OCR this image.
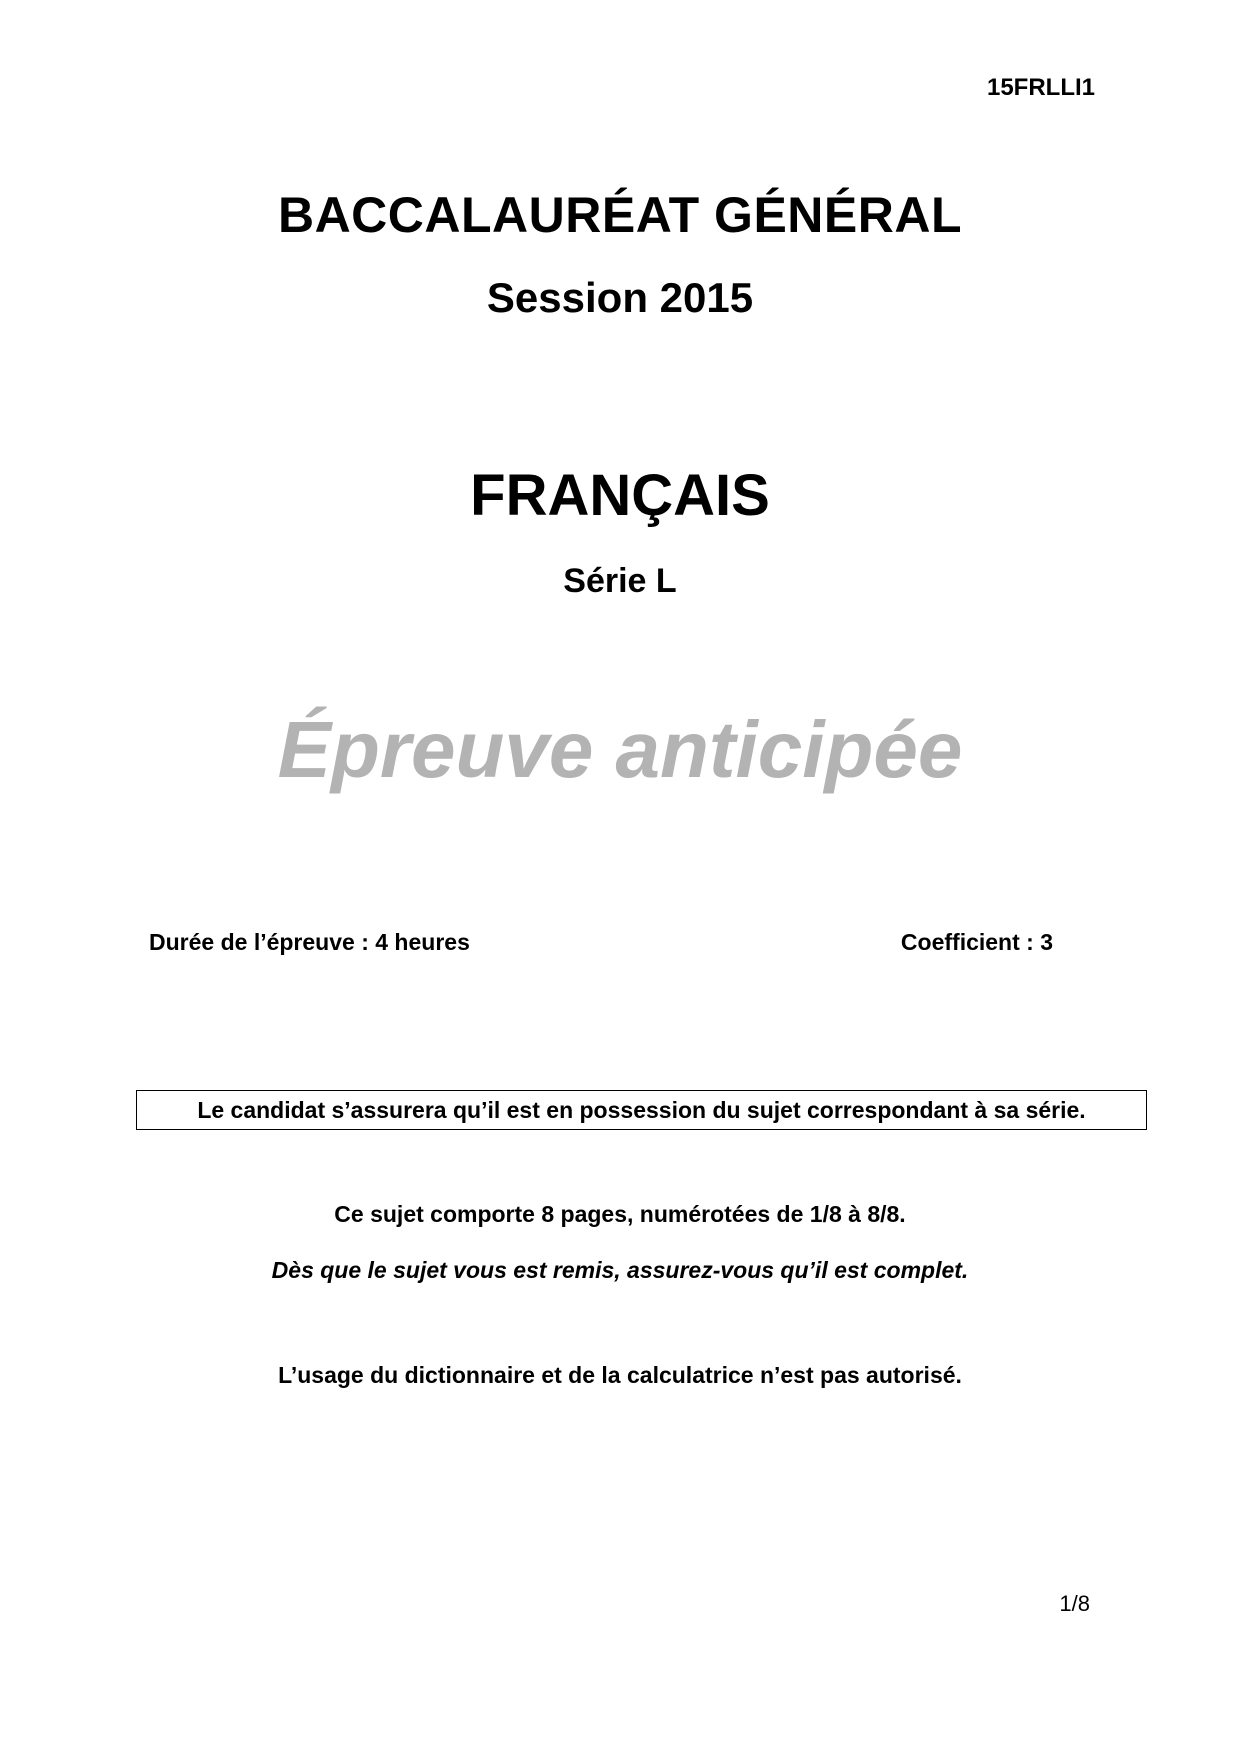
15FRLLI1
BACCALAURÉAT GÉNÉRAL
Session 2015
FRANÇAIS
Série L
Épreuve anticipée
Durée de l’épreuve : 4 heures	Coefficient : 3
Le candidat s’assurera qu’il est en possession du sujet correspondant à sa série.
Ce sujet comporte 8 pages, numérotées de 1/8 à 8/8.
Dès que le sujet vous est remis, assurez-vous qu’il est complet.
L’usage du dictionnaire et de la calculatrice n’est pas autorisé.
1/8
